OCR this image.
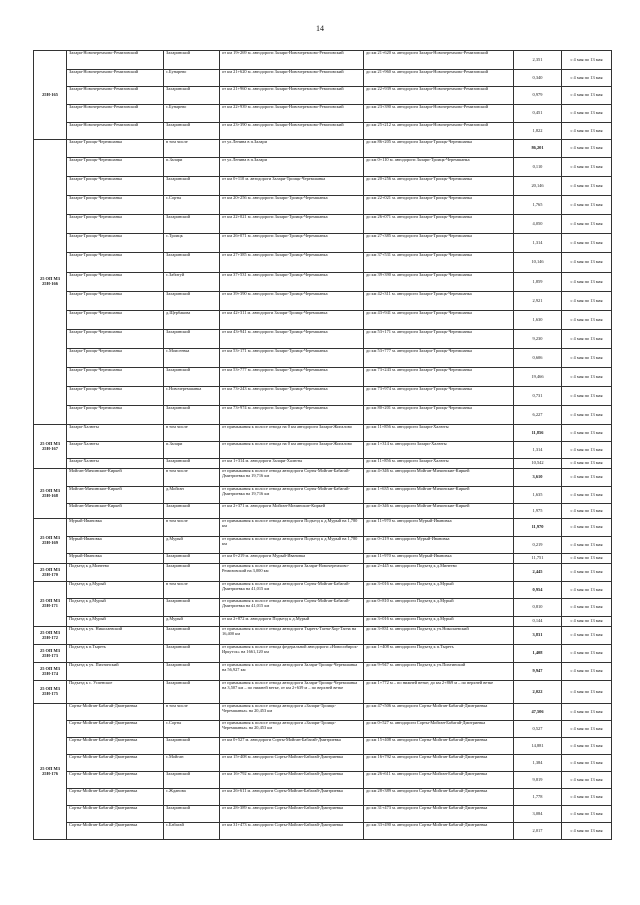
14
25Н-165	Залари-Новочеремхово-Ремизовский	Заларинский	от км 19+269 м. автодороги Залари-Новочеремхово-Ремизовский	до км 21+620 м. автодороги Залари-Новочеремхово-Ремизовский	2,351	с 4 мая по 13 мая
	Залари-Новочеремхово-Ремизовский	с.Бунарево	от км 21+620 м. автодороги Залари-Новочеремхово-Ремизовский	до км 21+960 м. автодороги Залари-Новочеремхово-Ремизовский	0,340	с 4 мая по 13 мая
	Залари-Новочеремхово-Ремизовский	Заларинский	от км 21+960 м. автодороги Залари-Новочеремхово-Ремизовский	до км 22+939 м. автодороги Залари-Новочеремхово-Ремизовский	0,979	с 4 мая по 13 мая
	Залари-Новочеремхово-Ремизовский	с.Бунарево	от км 22+939 м. автодороги Залари-Новочеремхово-Ремизовский	до км 23+390 м. автодороги Залари-Новочеремхово-Ремизовский	0,451	с 4 мая по 13 мая
	Залари-Новочеремхово-Ремизовский	Заларинский	от км 23+390 м. автодороги Залари-Новочеремхово-Ремизовский	до км 25+212 м. автодороги Залари-Новочеремхово-Ремизовский	1,822	с 4 мая по 13 мая
25 ОП МЗ 25Н-166	Залари-Троицк-Черемшанка	в том числе	от ул.Ленина в п.Залари	до км 86+205 м. автодороги Залари-Троицк-Черемшанка	86,201	с 4 мая по 13 мая
	Залари-Троицк-Черемшанка	п.Залари	от ул.Ленина в п.Залари	до км 0+110 м. автодороги Залари-Троицк-Черемшанка	0,110	с 4 мая по 13 мая
	Залари-Троицк-Черемшанка	Заларинский	от км 0+110 м. автодороги Залари-Троицк-Черемшанка	до км 20+256 м. автодороги Залари-Троицк-Черемшанка	20,146	с 4 мая по 13 мая
	Залари-Троицк-Черемшанка	с.Сорты	от км 20+256 м. автодороги Залари-Троицк-Черемшанка	до км 22+021 м. автодороги Залари-Троицк-Черемшанка	1,765	с 4 мая по 13 мая
	Залари-Троицк-Черемшанка	Заларинский	от км 22+021 м. автодороги Залари-Троицк-Черемшанка	до км 26+071 м. автодороги Залари-Троицк-Черемшанка	4,050	с 4 мая по 13 мая
	Залари-Троицк-Черемшанка	с.Троицк	от км 26+071 м. автодороги Залари-Троицк-Черемшанка	до км 27+385 м. автодороги Залари-Троицк-Черемшанка	1,314	с 4 мая по 13 мая
	Залари-Троицк-Черемшанка	Заларинский	от км 27+385 м. автодороги Залари-Троицк-Черемшанка	до км 37+531 м. автодороги Залари-Троицк-Черемшанка	10,146	с 4 мая по 13 мая
	Залари-Троицк-Черемшанка	с.Забитуй	от км 37+531 м. автодороги Залари-Троицк-Черемшанка	до км 39+390 м. автодороги Залари-Троицк-Черемшанка	1,859	с 4 мая по 13 мая
	Залари-Троицк-Черемшанка	Заларинский	от км 39+390 м. автодороги Залари-Троицк-Черемшанка	до км 42+311 м. автодороги Залари-Троицк-Черемшанка	2,921	с 4 мая по 13 мая
	Залари-Троицк-Черемшанка	д.Щербакова	от км 42+311 м. автодороги Залари-Троицк-Черемшанка	до км 43+941 м. автодороги Залари-Троицк-Черемшанка	1,630	с 4 мая по 13 мая
	Залари-Троицк-Черемшанка	Заларинский	от км 43+941 м. автодороги Залари-Троицк-Черемшанка	до км 53+171 м. автодороги Залари-Троицк-Черемшанка	9,230	с 4 мая по 13 мая
	Залари-Троицк-Черемшанка	с.Моисеевка	от км 53+171 м. автодороги Залари-Троицк-Черемшанка	до км 53+777 м. автодороги Залари-Троицк-Черемшанка	0,606	с 4 мая по 13 мая
	Залари-Троицк-Черемшанка	Заларинский	от км 53+777 м. автодороги Залари-Троицк-Черемшанка	до км 73+243 м. автодороги Залари-Троицк-Черемшанка	19,466	с 4 мая по 13 мая
	Залари-Троицк-Черемшанка	с.Новочеремшанка	от км 73+243 м. автодороги Залари-Троицк-Черемшанка	до км 73+974 м. автодороги Залари-Троицк-Черемшанка	0,731	с 4 мая по 13 мая
	Залари-Троицк-Черемшанка	Заларинский	от км 73+974 м. автодороги Залари-Троицк-Черемшанка	до км 80+201 м. автодороги Залари-Троицк-Черемшанка	6,227	с 4 мая по 13 мая
25 ОП МЗ 25Н-167	Залари-Халюты	в том числе	от примыкания к полосе отвода на 0 км автодороги Залари-Жигалово	до км 11+856 м. автодороги Залари-Халюты	11,856	с 4 мая по 13 мая
	Залари-Халюты	п.Залари	от примыкания к полосе отвода на 0 км автодороги Залари-Жигалово	до км 1+314 м. автодороги Залари-Халюты	1,314	с 4 мая по 13 мая
	Залари-Халюты	Заларинский	от км 1+314 м. автодороги Залари-Халюты	до км 11+856 м. автодороги Залари-Халюты	10,542	с 4 мая по 13 мая
25 ОП МЗ 25Н-168	Мойган-Мичинские-Киркей	в том числе	от примыкания к полосе отвода автодороги Сорты-Мойган-Бабагай-Дмитриевка на 19,716 км	до км 4+346 м. автодороги Мойган-Мичинские-Киркей	3,610	с 4 мая по 13 мая
	Мойган-Мичинские-Киркей	д.Мойган	от примыкания к полосе отвода автодороги Сорты-Мойган-Бабагай-Дмитриевка на 19,716 км	до км 1+635 м. автодороги Мойган-Мичинские-Киркей	1,635	с 4 мая по 13 мая
	Мойган-Мичинские-Киркей	Заларинский	от км 2+371 м. автодороги Мойган-Мичинские-Киркей	до км 4+346 м. автодороги Мойган-Мичинские-Киркей	1,975	с 4 мая по 13 мая
25 ОП МЗ 25Н-169	Мурый-Ивановка	в том числе	от примыкания к полосе отвода автодороги Подъезд к д.Мурый на 1,780 км	до км 11+970 м. автодороги Мурый-Ивановка	11,970	с 4 мая по 13 мая
	Мурый-Ивановка	д.Мурый	от примыкания к полосе отвода автодороги Подъезд к д.Мурый на 1,780 км	до км 0+219 м. автодороги Мурый-Ивановка	0,219	с 4 мая по 13 мая
	Мурый-Ивановка	Заларинский	от км 0+219 м. автодороги Мурый-Ивановка	до км 11+970 м. автодороги Мурый-Ивановка	11,751	с 4 мая по 13 мая
25 ОП МЗ 25Н-170	Подъезд к д.Минеево	Заларинский	от примыкания к полосе отвода автодороги Залари-Новочеремхово-Ремизовский на 3,000 км	до км 2+445 м. автодороги Подъезд к д.Минеево	2,445	с 4 мая по 13 мая
25 ОП МЗ 25Н-171	Подъезд к д.Мурый	в том числе	от примыкания к полосе отвода автодороги Сорты-Мойган-Бабагай-Дмитриевка на 41,015 км	до км 3+016 м. автодороги Подъезд к д.Мурый	0,954	с 4 мая по 13 мая
	Подъезд к д.Мурый	Заларинский	от примыкания к полосе отвода автодороги Сорты-Мойган-Бабагай-Дмитриевка на 41,015 км	до км 0+810 м. автодороги Подъезд к д.Мурый	0,810	с 4 мая по 13 мая
	Подъезд к д.Мурый	д.Мурый	от км 2+872 м. автодороги Подъезд к д.Мурый	до км 3+016 м. автодороги Подъезд к д.Мурый	0,144	с 4 мая по 13 мая
25 ОП МЗ 25Н-172	Подъезд к уч. Николаевский	Заларинский	от примыкания к полосе отвода автодороги Тыреть-Тагна-Хор-Тагна на 16,400 км	до км 3+831 м. автодороги Подъезд к уч.Николаевский	3,831	с 4 мая по 13 мая
25 ОП МЗ 25Н-173	Подъезд к п.Тыреть	Заларинский	от примыкания к полосе отвода федеральной автодороги «Новосибирск-Иркутск» на 1661,120 км	до км 1+408 м. автодороги Подъезд к п.Тыреть	1,408	с 4 мая по 13 мая
25 ОП МЗ 25Н-174	Подъезд к уч. Пихтинский	Заларинский	от примыкания к полосе отвода автодороги Залари-Троицк-Черемшанка на 56,927 км	до км 9+947 м. автодороги Подъезд к уч.Пихтинский	9,947	с 4 мая по 13 мая
25 ОП МЗ 25Н-175	Подъезд к с. Успенское	Заларинский	от примыкания к полосе отвода автодороги Залари-Троицк-Черемшанка на 3,507 км – по нижней ветке, от км 2+639 м – по верхней ветке	до км 1+772 м – по нижней ветке; до км 2+869 м – по верхней ветке	2,022	с 4 мая по 13 мая
25 ОП МЗ 25Н-176	Сорты-Мойган-Бабагай-Дмитриевка	в том числе	от примыкания к полосе отвода автодороги «Залари-Троицк-Черемшанка» на 20,453 км	до км 47+506 м. автодороги Сорты-Мойган-Бабагай-Дмитриевка	47,506	с 4 мая по 13 мая
	Сорты-Мойган-Бабагай-Дмитриевка	с.Сорты	от примыкания к полосе отвода автодороги «Залари-Троицк-Черемшанка» на 20,453 км	до км 0+527 м. автодороги Сорты-Мойган-Бабагай-Дмитриевка	0,527	с 4 мая по 13 мая
	Сорты-Мойган-Бабагай-Дмитриевка	Заларинский	от км 0+527 м. автодороги Сорты-Мойган-Бабагай-Дмитриевка	до км 15+408 м. автодороги Сорты-Мойган-Бабагай-Дмитриевка	14,881	с 4 мая по 13 мая
	Сорты-Мойган-Бабагай-Дмитриевка	с.Мойган	от км 15+408 м. автодороги Сорты-Мойган-Бабагай-Дмитриевка	до км 16+792 м. автодороги Сорты-Мойган-Бабагай-Дмитриевка	1,384	с 4 мая по 13 мая
	Сорты-Мойган-Бабагай-Дмитриевка	Заларинский	от км 16+792 м. автодороги Сорты-Мойган-Бабагай-Дмитриевка	до км 26+611 м. автодороги Сорты-Мойган-Бабагай-Дмитриевка	9,819	с 4 мая по 13 мая
	Сорты-Мойган-Бабагай-Дмитриевка	с.Жданова	от км 26+611 м. автодороги Сорты-Мойган-Бабагай-Дмитриевка	до км 28+389 м. автодороги Сорты-Мойган-Бабагай-Дмитриевка	1,778	с 4 мая по 13 мая
	Сорты-Мойган-Бабагай-Дмитриевка	Заларинский	от км 28+389 м. автодороги Сорты-Мойган-Бабагай-Дмитриевка	до км 31+473 м. автодороги Сорты-Мойган-Бабагай-Дмитриевка	3,084	с 4 мая по 13 мая
	Сорты-Мойган-Бабагай-Дмитриевка	с.Бабагай	от км 31+473 м. автодороги Сорты-Мойган-Бабагай-Дмитриевка	до км 33+490 м. автодороги Сорты-Мойган-Бабагай-Дмитриевка	2,017	с 4 мая по 13 мая
